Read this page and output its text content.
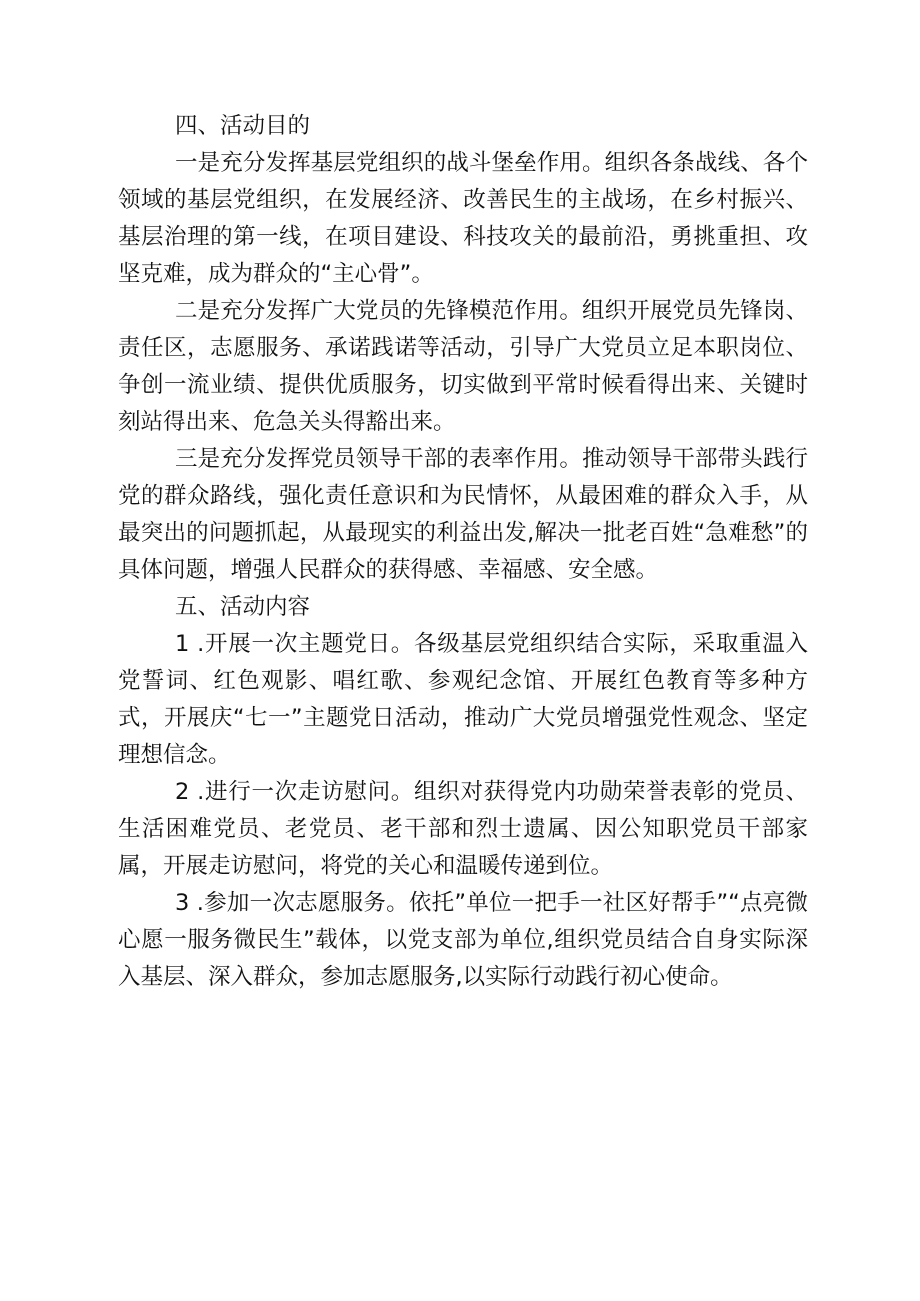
四、活动目的

一是充分发挥基层党组织的战斗堡垒作用。组织各条战线、各个领域的基层党组织，在发展经济、改善民生的主战场，在乡村振兴、基层治理的第一线，在项目建设、科技攻关的最前沿，勇挑重担、攻坚克难，成为群众的“主心骨”。

二是充分发挥广大党员的先锋模范作用。组织开展党员先锋岗、责任区，志愿服务、承诺践诺等活动，引导广大党员立足本职岗位、争创一流业绩、提供优质服务，切实做到平常时候看得出来、关键时刻站得出来、危急关头得豁出来。

三是充分发挥党员领导干部的表率作用。推动领导干部带头践行党的群众路线，强化责任意识和为民情怀，从最困难的群众入手，从最突出的问题抓起，从最现实的利益出发,解决一批老百姓“急难愁”的具体问题，增强人民群众的获得感、幸福感、安全感。

五、活动内容

1 .开展一次主题党日。各级基层党组织结合实际，采取重温入党誓词、红色观影、唱红歌、参观纪念馆、开展红色教育等多种方式，开展庆“七一”主题党日活动，推动广大党员增强党性观念、坚定理想信念。

2 .进行一次走访慰问。组织对获得党内功勋荣誉表彰的党员、生活困难党员、老党员、老干部和烈士遗属、因公知职党员干部家属，开展走访慰问，将党的关心和温暖传递到位。

3 .参加一次志愿服务。依托”单位一把手一社区好帮手”“点亮微心愿一服务微民生”载体，以党支部为单位,组织党员结合自身实际深入基层、深入群众，参加志愿服务,以实际行动践行初心使命。
